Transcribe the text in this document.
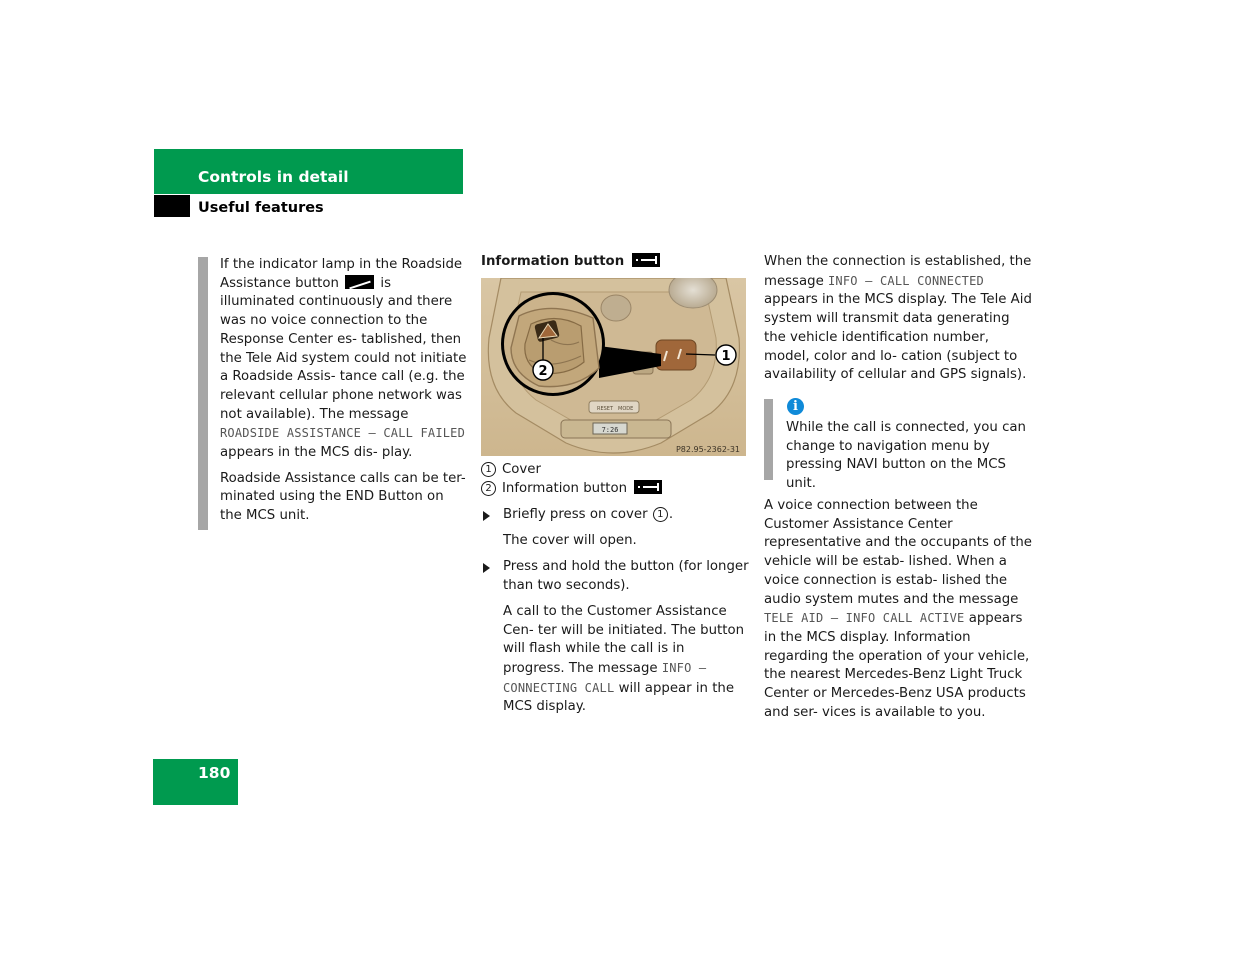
Controls in detail
Useful features

If the indicator lamp in the Roadside Assistance button	is illuminated continuously and there was no voice connection to the Response Center es- tablished, then the Tele Aid system could not initiate a Roadside Assis- tance call (e.g. the relevant cellular phone network was not available). The message ROADSIDE ASSISTANCE – CALL FAILED appears in the MCS dis- play.

Roadside Assistance calls can be ter- minated using the END Button on the MCS unit.

Information button
RESET MODE
7:26
2
1
P82.95-2362-31
1 Cover
2 Information button
Briefly press on cover 1 .
The cover will open.
Press and hold the button (for longer than two seconds).
A call to the Customer Assistance Cen- ter will be initiated. The button will flash while the call is in progress. The message INFO – CONNECTING CALL will appear in the MCS display.

When the connection is established, the message INFO – CALL CONNECTED appears in the MCS display. The Tele Aid system will transmit data generating the vehicle identification number, model, color and lo- cation (subject to availability of cellular and GPS signals).

i
While the call is connected, you can change to navigation menu by pressing NAVI button on the MCS unit.

A voice connection between the Customer Assistance Center representative and the occupants of the vehicle will be estab- lished. When a voice connection is estab- lished the audio system mutes and the message TELE AID – INFO CALL ACTIVE appears in the MCS display. Information regarding the operation of your vehicle, the nearest Mercedes-Benz Light Truck Center or Mercedes-Benz USA products and ser- vices is available to you.

180
